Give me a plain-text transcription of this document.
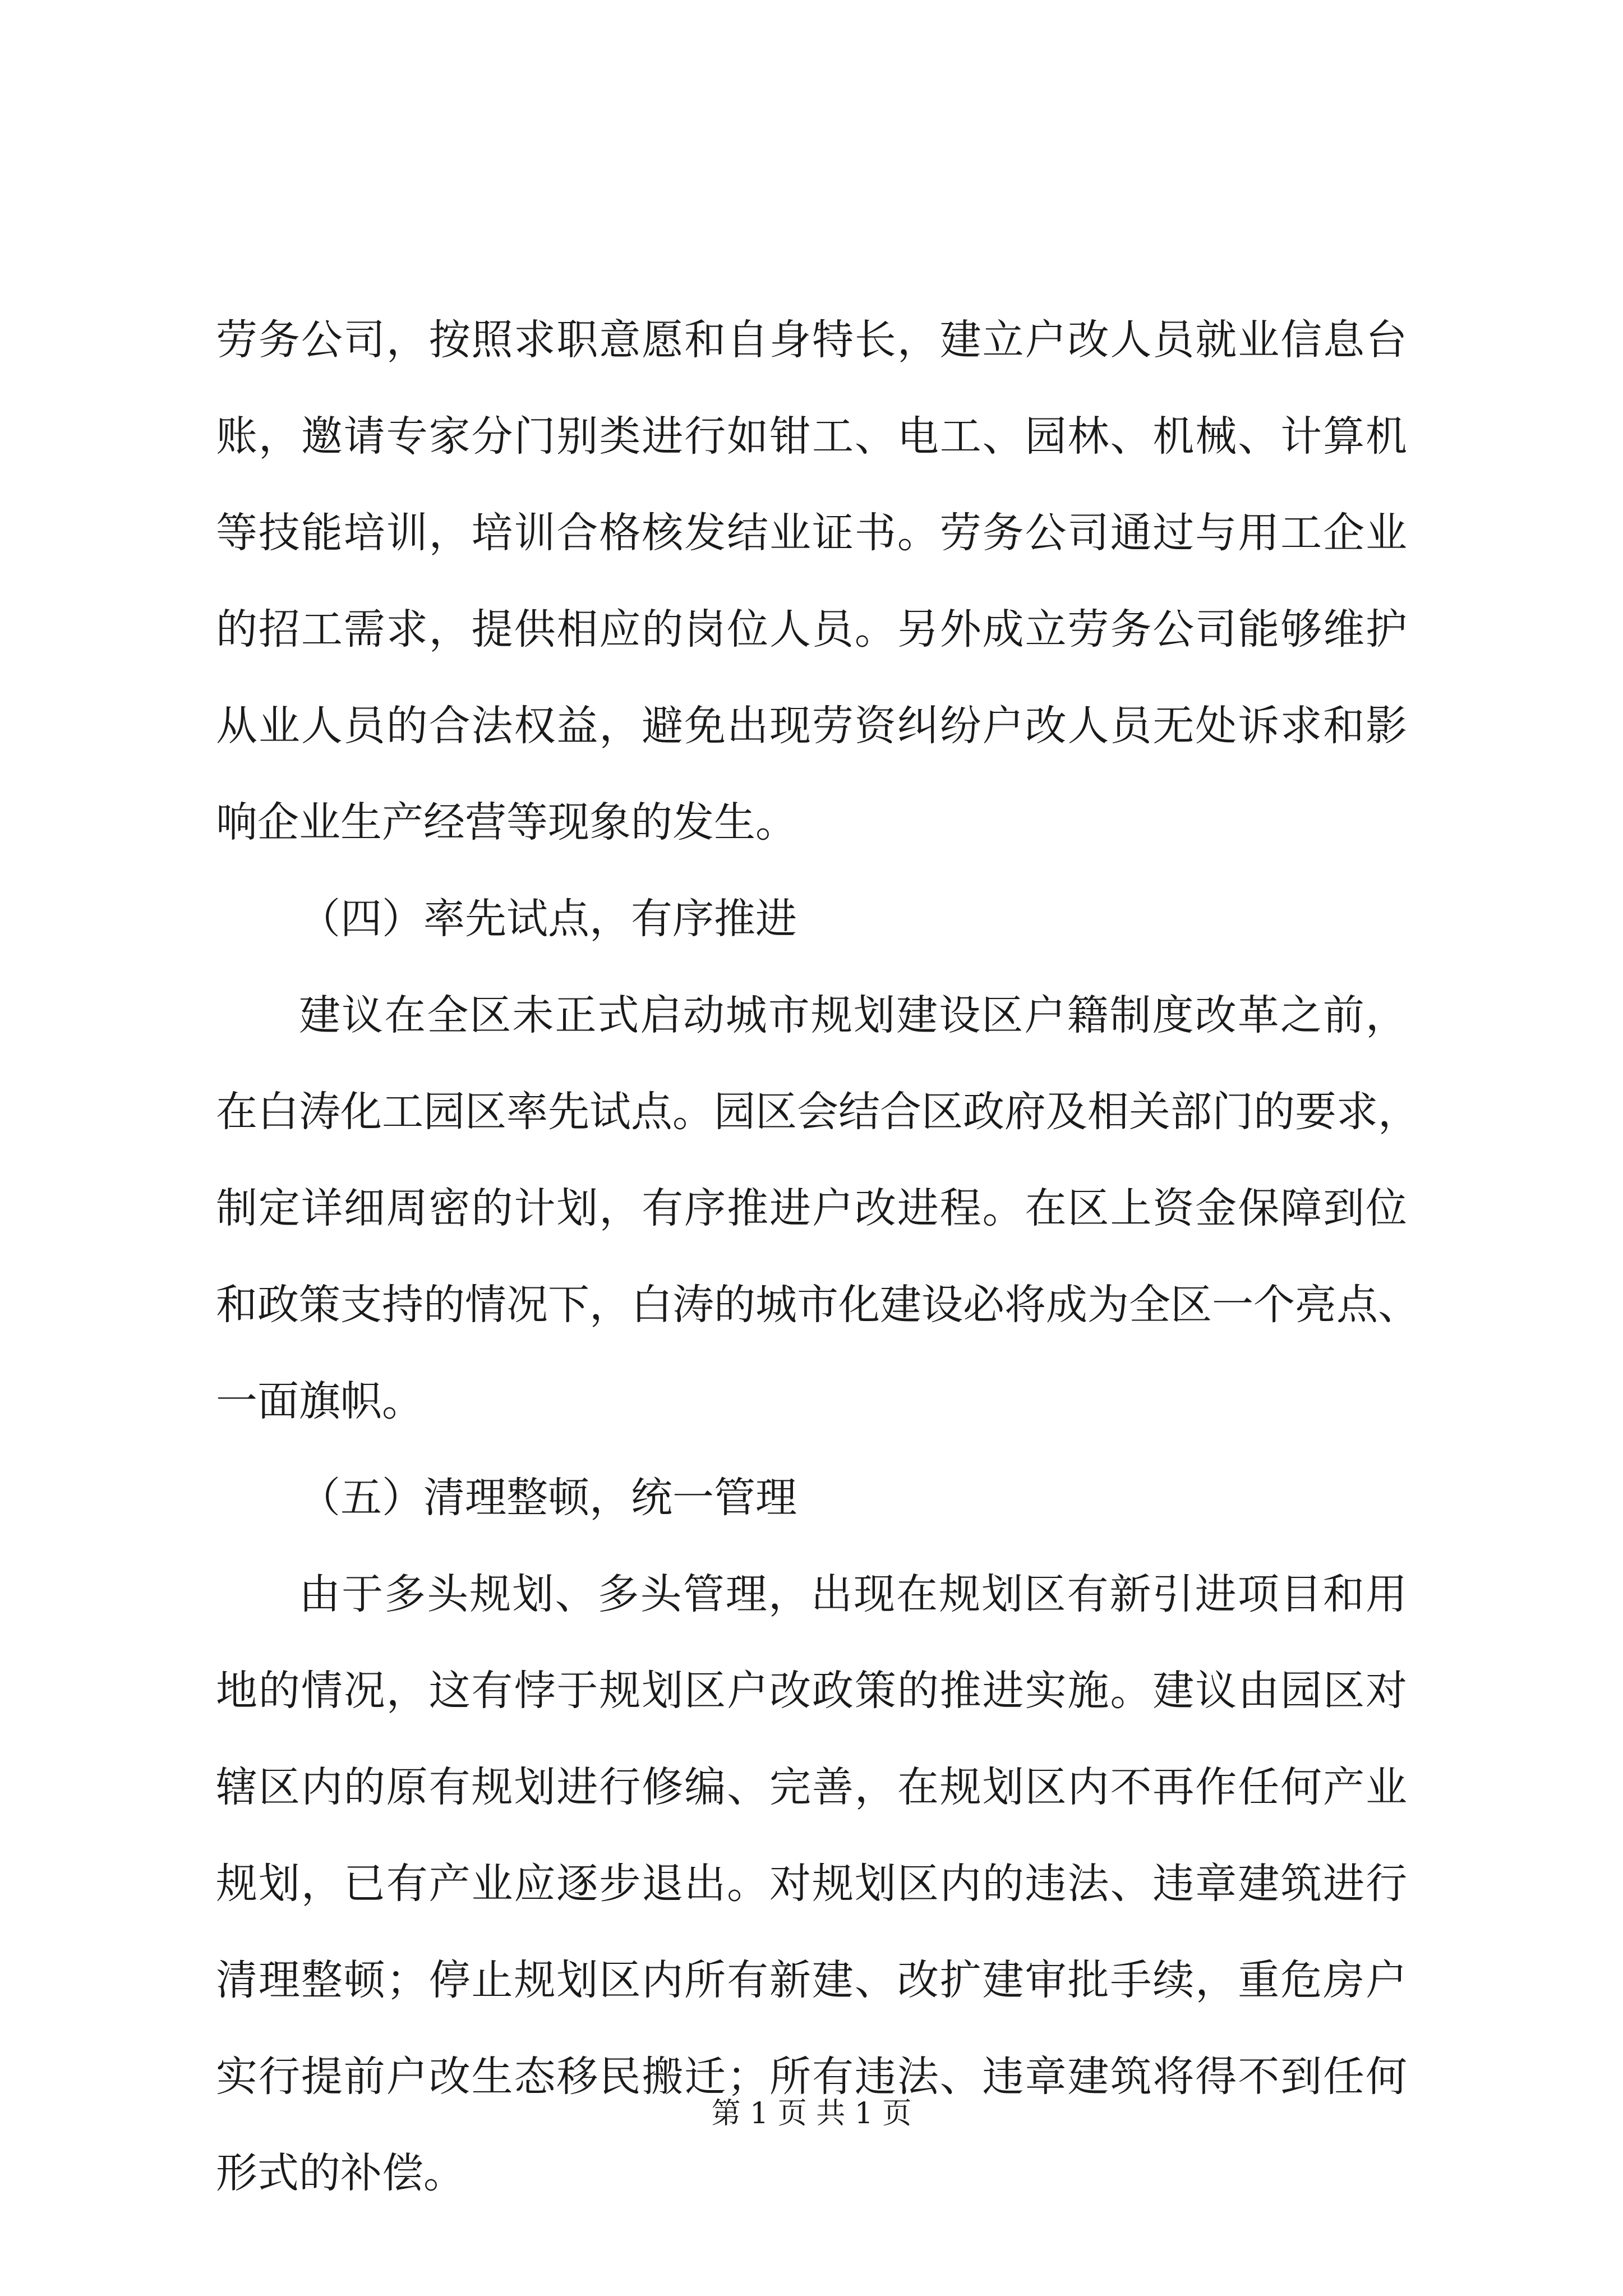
劳务公司，按照求职意愿和自身特长，建立户改人员就业信息台
账，邀请专家分门别类进行如钳工、电工、园林、机械、计算机
等技能培训，培训合格核发结业证书。劳务公司通过与用工企业
的招工需求，提供相应的岗位人员。另外成立劳务公司能够维护
从业人员的合法权益，避免出现劳资纠纷户改人员无处诉求和影
响企业生产经营等现象的发生。
（四）率先试点，有序推进
建议在全区未正式启动城市规划建设区户籍制度改革之前，
在白涛化工园区率先试点。园区会结合区政府及相关部门的要求，
制定详细周密的计划，有序推进户改进程。在区上资金保障到位
和政策支持的情况下，白涛的城市化建设必将成为全区一个亮点、
一面旗帜。
（五）清理整顿，统一管理
由于多头规划、多头管理，出现在规划区有新引进项目和用
地的情况，这有悖于规划区户改政策的推进实施。建议由园区对
辖区内的原有规划进行修编、完善，在规划区内不再作任何产业
规划，已有产业应逐步退出。对规划区内的违法、违章建筑进行
清理整顿；停止规划区内所有新建、改扩建审批手续，重危房户
实行提前户改生态移民搬迁；所有违法、违章建筑将得不到任何
形式的补偿。
第 1 页 共 1 页
